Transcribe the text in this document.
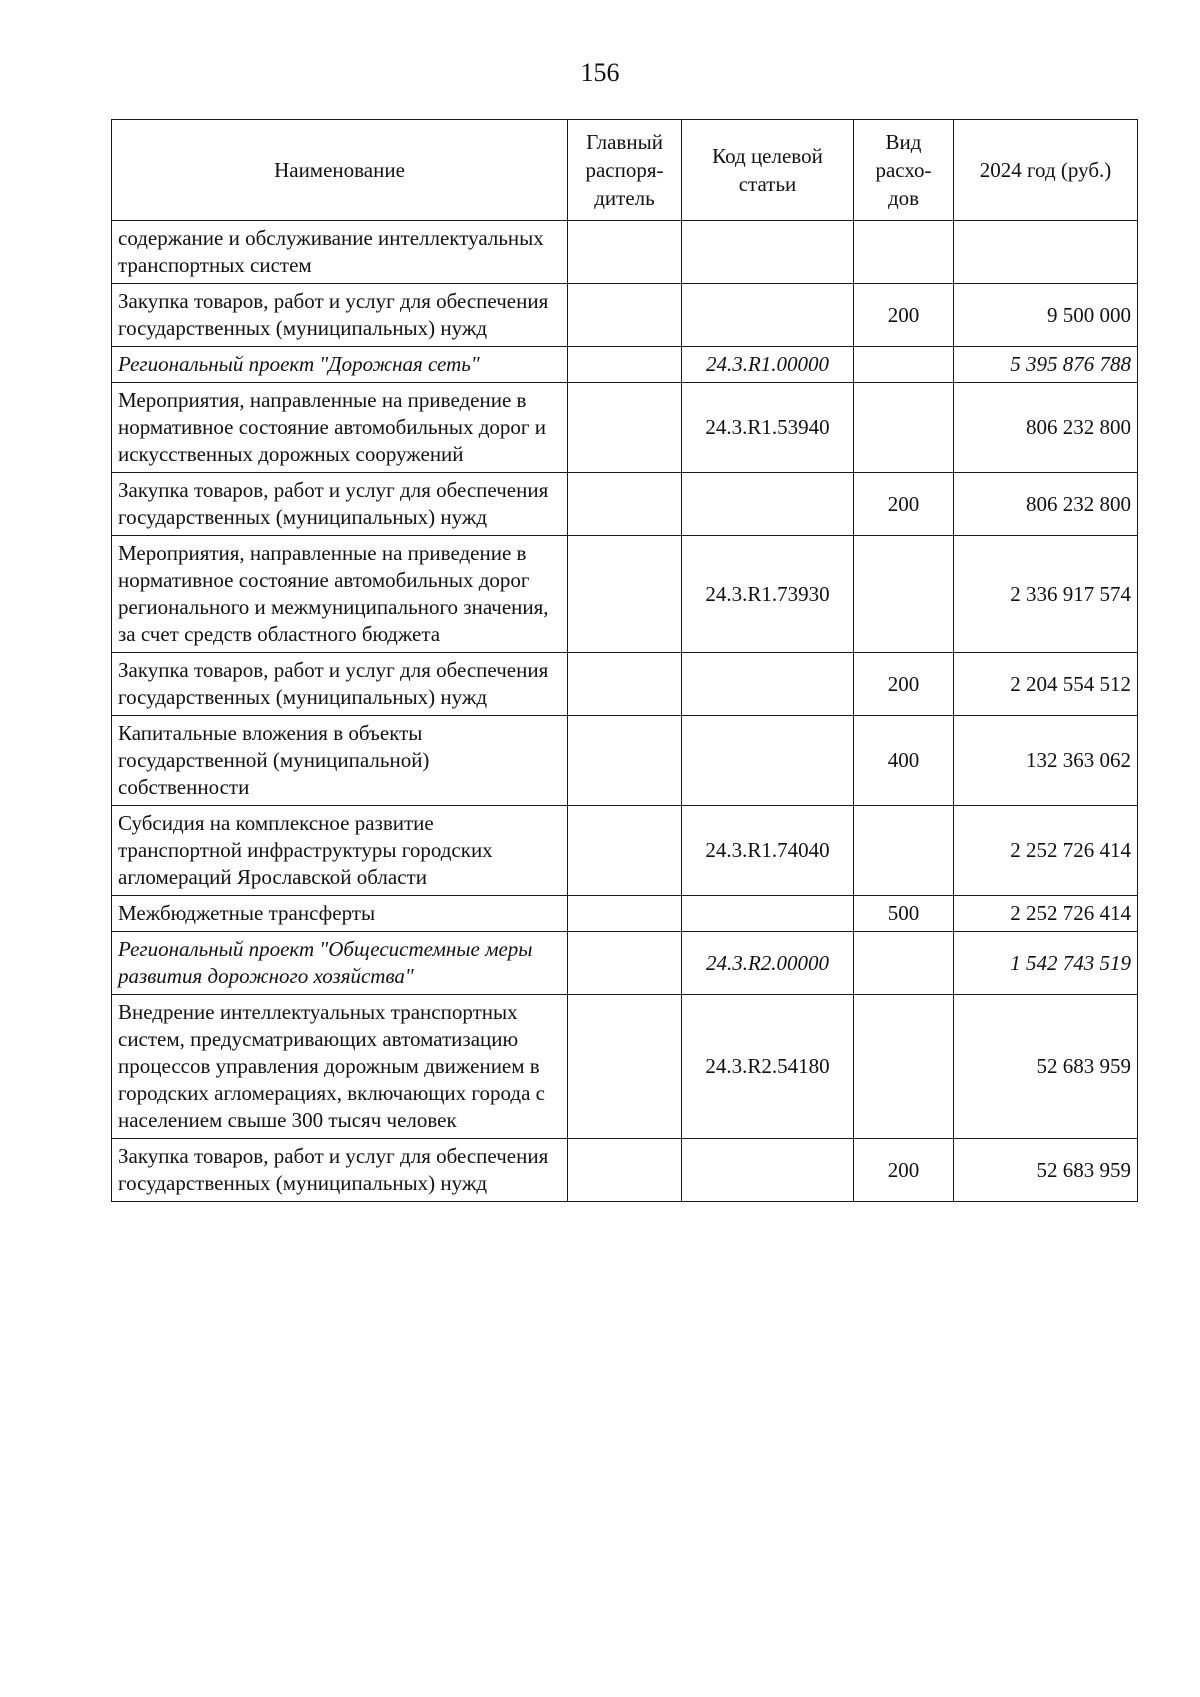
156
Наименование	Главный распоря-дитель	Код целевой статьи	Вид расхо-дов	2024 год (руб.)
содержание и обслуживание интеллектуальных транспортных систем				
Закупка товаров, работ и услуг для обеспечения государственных (муниципальных) нужд			200	9 500 000
Региональный проект "Дорожная сеть"		24.3.R1.00000		5 395 876 788
Мероприятия, направленные на приведение в нормативное состояние автомобильных дорог и искусственных дорожных сооружений		24.3.R1.53940		806 232 800
Закупка товаров, работ и услуг для обеспечения государственных (муниципальных) нужд			200	806 232 800
Мероприятия, направленные на приведение в нормативное состояние автомобильных дорог регионального и межмуниципального значения, за счет средств областного бюджета		24.3.R1.73930		2 336 917 574
Закупка товаров, работ и услуг для обеспечения государственных (муниципальных) нужд			200	2 204 554 512
Капитальные вложения в объекты государственной (муниципальной) собственности			400	132 363 062
Субсидия на комплексное развитие транспортной инфраструктуры городских агломераций Ярославской области		24.3.R1.74040		2 252 726 414
Межбюджетные трансферты			500	2 252 726 414
Региональный проект "Общесистемные меры развития дорожного хозяйства"		24.3.R2.00000		1 542 743 519
Внедрение интеллектуальных транспортных систем, предусматривающих автоматизацию процессов управления дорожным движением в городских агломерациях, включающих города с населением свыше 300 тысяч человек		24.3.R2.54180		52 683 959
Закупка товаров, работ и услуг для обеспечения государственных (муниципальных) нужд			200	52 683 959
